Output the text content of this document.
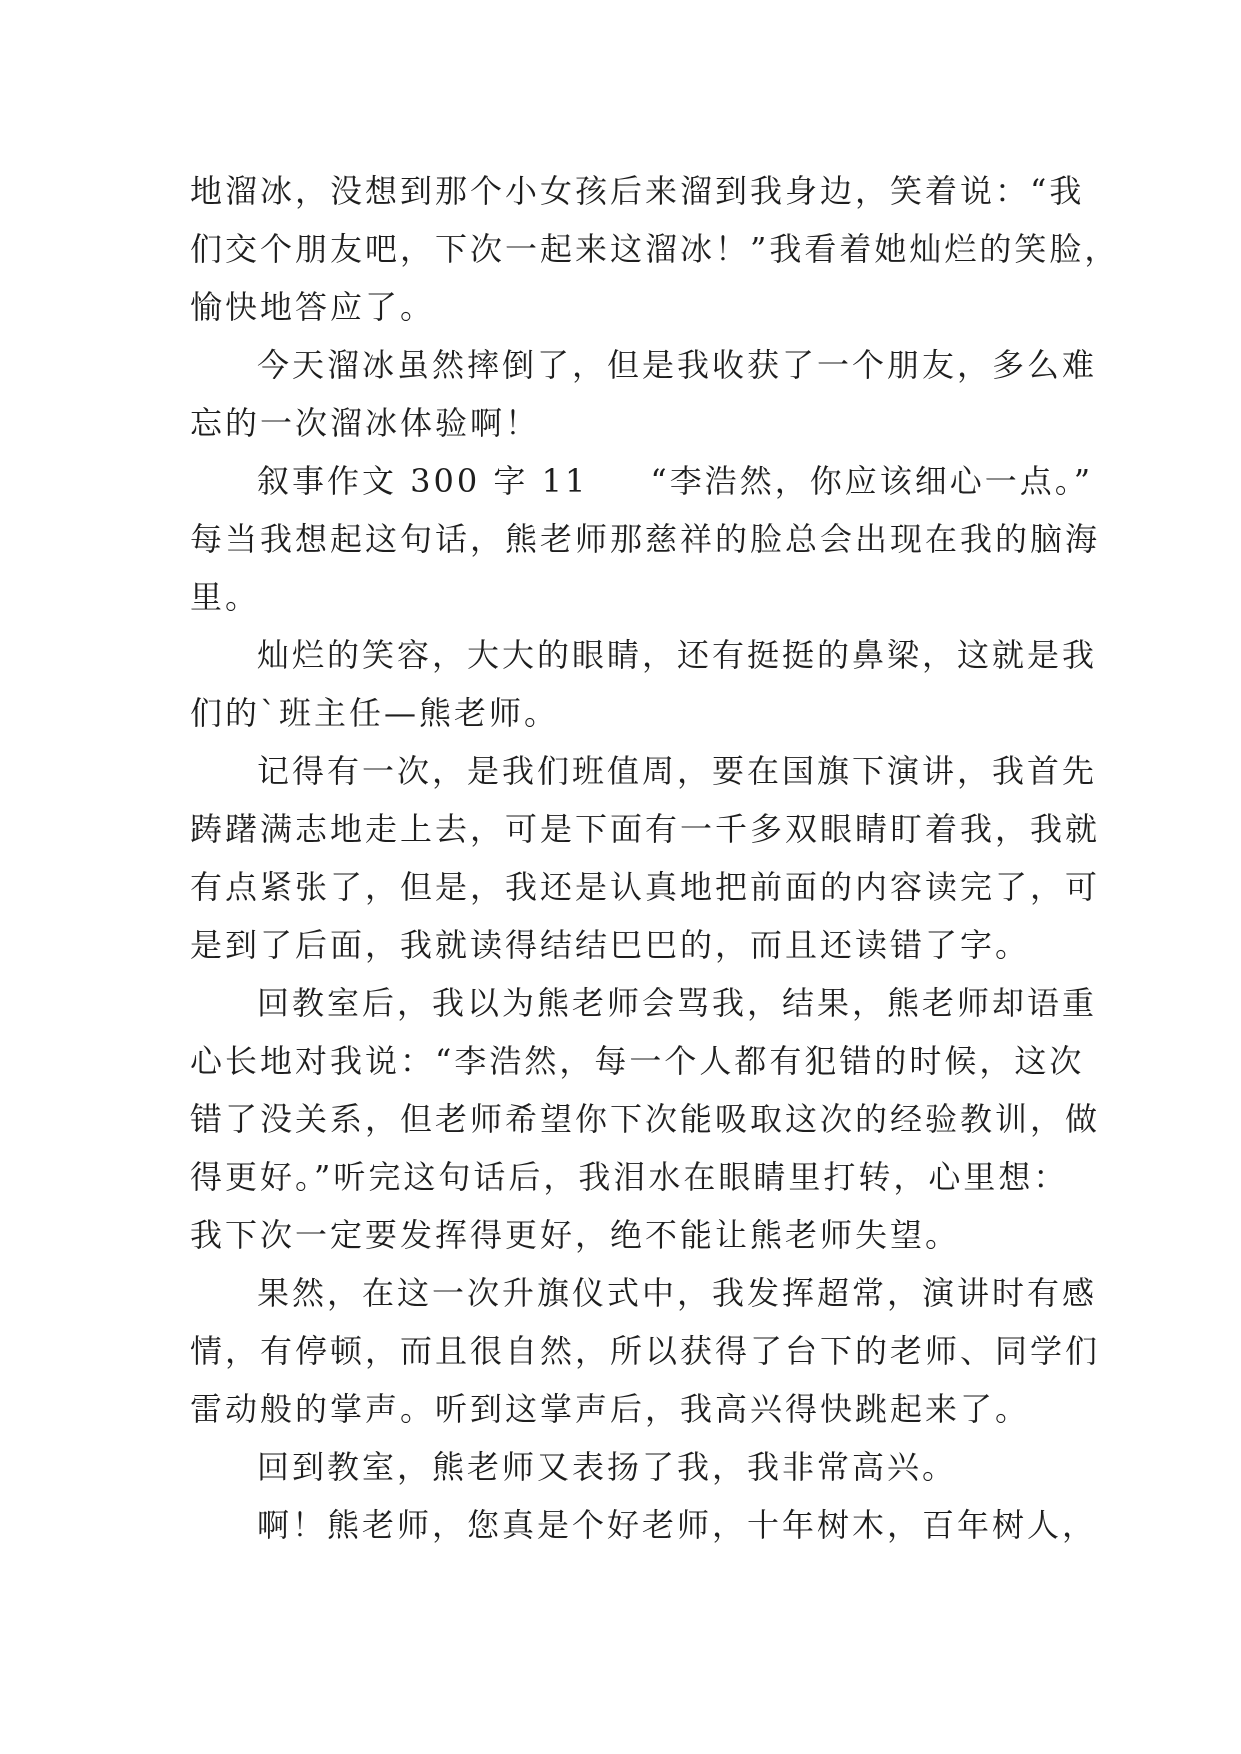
地溜冰，没想到那个小女孩后来溜到我身边，笑着说：“我
们交个朋友吧，下次一起来这溜冰！”我看着她灿烂的笑脸，
愉快地答应了。
今天溜冰虽然摔倒了，但是我收获了一个朋友，多么难
忘的一次溜冰体验啊！
叙事作文 300 字 11 “李浩然，你应该细心一点。”
每当我想起这句话，熊老师那慈祥的脸总会出现在我的脑海
里。
灿烂的笑容，大大的眼睛，还有挺挺的鼻梁，这就是我
们的`班主任—熊老师。
记得有一次，是我们班值周，要在国旗下演讲，我首先
踌躇满志地走上去，可是下面有一千多双眼睛盯着我，我就
有点紧张了，但是，我还是认真地把前面的内容读完了，可
是到了后面，我就读得结结巴巴的，而且还读错了字。
回教室后，我以为熊老师会骂我，结果，熊老师却语重
心长地对我说：“李浩然，每一个人都有犯错的时候，这次
错了没关系，但老师希望你下次能吸取这次的经验教训，做
得更好。”听完这句话后，我泪水在眼睛里打转，心里想：
我下次一定要发挥得更好，绝不能让熊老师失望。
果然，在这一次升旗仪式中，我发挥超常，演讲时有感
情，有停顿，而且很自然，所以获得了台下的老师、同学们
雷动般的掌声。听到这掌声后，我高兴得快跳起来了。
回到教室，熊老师又表扬了我，我非常高兴。
啊！熊老师，您真是个好老师，十年树木，百年树人，
